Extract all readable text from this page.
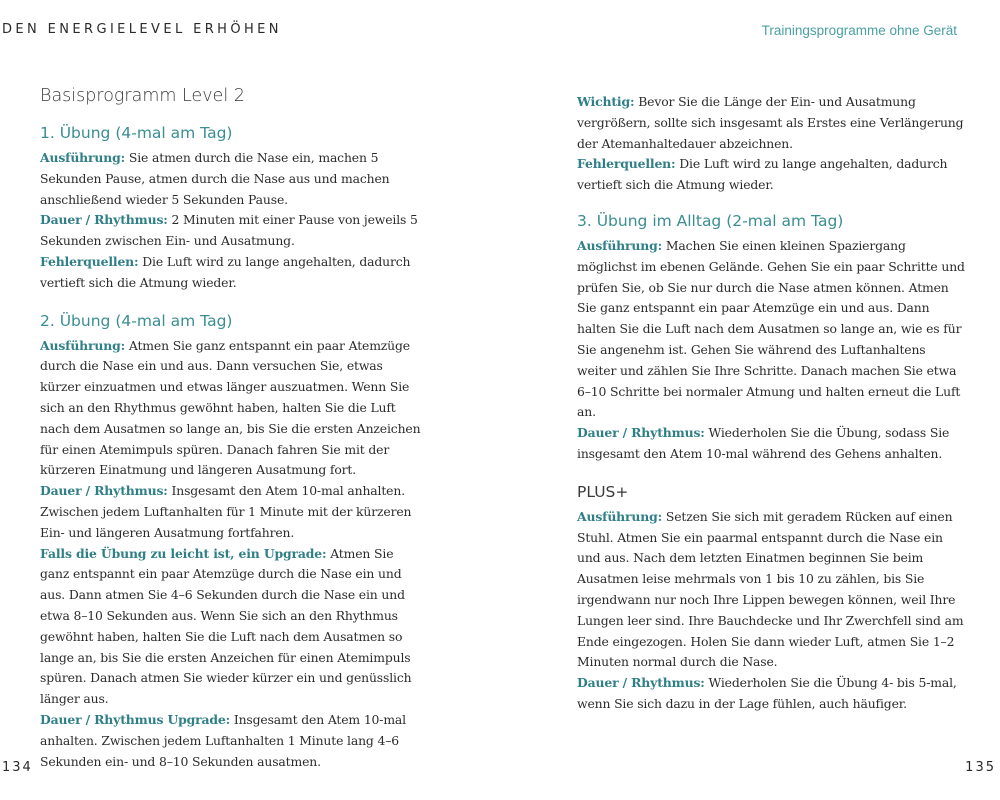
DEN ENERGIELEVEL ERHÖHEN	Trainingsprogramme ohne Gerät
Basisprogramm Level 2
1. Übung (4-mal am Tag)

Ausführung: Sie atmen durch die Nase ein, machen 5 Sekunden Pause, atmen durch die Nase aus und machen anschließend wieder 5 Sekunden Pause.

Dauer / Rhythmus: 2 Minuten mit einer Pause von jeweils 5 Sekunden zwischen Ein- und Ausatmung.

Fehlerquellen: Die Luft wird zu lange angehalten, dadurch vertieft sich die Atmung wieder.

2. Übung (4-mal am Tag)

Ausführung: Atmen Sie ganz entspannt ein paar Atemzüge durch die Nase ein und aus. Dann versuchen Sie, etwas kürzer einzuatmen und etwas länger auszuatmen. Wenn Sie sich an den Rhythmus gewöhnt haben, halten Sie die Luft nach dem Ausatmen so lange an, bis Sie die ersten Anzeichen für einen Atemimpuls spüren. Danach fahren Sie mit der kürzeren Einatmung und längeren Ausatmung fort.

Dauer / Rhythmus: Insgesamt den Atem 10-mal anhalten. Zwischen jedem Luftanhalten für 1 Minute mit der kürzeren Ein- und längeren Ausatmung fortfahren.

Falls die Übung zu leicht ist, ein Upgrade: Atmen Sie ganz entspannt ein paar Atemzüge durch die Nase ein und aus. Dann atmen Sie 4–6 Sekunden durch die Nase ein und etwa 8–10 Sekunden aus. Wenn Sie sich an den Rhythmus gewöhnt haben, halten Sie die Luft nach dem Ausatmen so lange an, bis Sie die ersten Anzeichen für einen Atemimpuls spüren. Danach atmen Sie wieder kürzer ein und genüsslich länger aus.

Dauer / Rhythmus Upgrade: Insgesamt den Atem 10-mal anhalten. Zwischen jedem Luftanhalten 1 Minute lang 4–6 Sekunden ein- und 8–10 Sekunden ausatmen.

Wichtig: Bevor Sie die Länge der Ein- und Ausatmung vergrößern, sollte sich insgesamt als Erstes eine Verlängerung der Atemanhaltedauer abzeichnen.

Fehlerquellen: Die Luft wird zu lange angehalten, dadurch vertieft sich die Atmung wieder.

3. Übung im Alltag (2-mal am Tag)

Ausführung: Machen Sie einen kleinen Spaziergang möglichst im ebenen Gelände. Gehen Sie ein paar Schritte und prüfen Sie, ob Sie nur durch die Nase atmen können. Atmen Sie ganz entspannt ein paar Atemzüge ein und aus. Dann halten Sie die Luft nach dem Ausatmen so lange an, wie es für Sie angenehm ist. Gehen Sie während des Luftanhaltens weiter und zählen Sie Ihre Schritte. Danach machen Sie etwa 6–10 Schritte bei normaler Atmung und halten erneut die Luft an.

Dauer / Rhythmus: Wiederholen Sie die Übung, sodass Sie insgesamt den Atem 10-mal während des Gehens anhalten.

PLUS+

Ausführung: Setzen Sie sich mit geradem Rücken auf einen Stuhl. Atmen Sie ein paarmal entspannt durch die Nase ein und aus. Nach dem letzten Einatmen beginnen Sie beim Ausatmen leise mehrmals von 1 bis 10 zu zählen, bis Sie irgendwann nur noch Ihre Lippen bewegen können, weil Ihre Lungen leer sind. Ihre Bauchdecke und Ihr Zwerchfell sind am Ende eingezogen. Holen Sie dann wieder Luft, atmen Sie 1–2 Minuten normal durch die Nase.

Dauer / Rhythmus: Wiederholen Sie die Übung 4- bis 5-mal, wenn Sie sich dazu in der Lage fühlen, auch häufiger.

134	135
